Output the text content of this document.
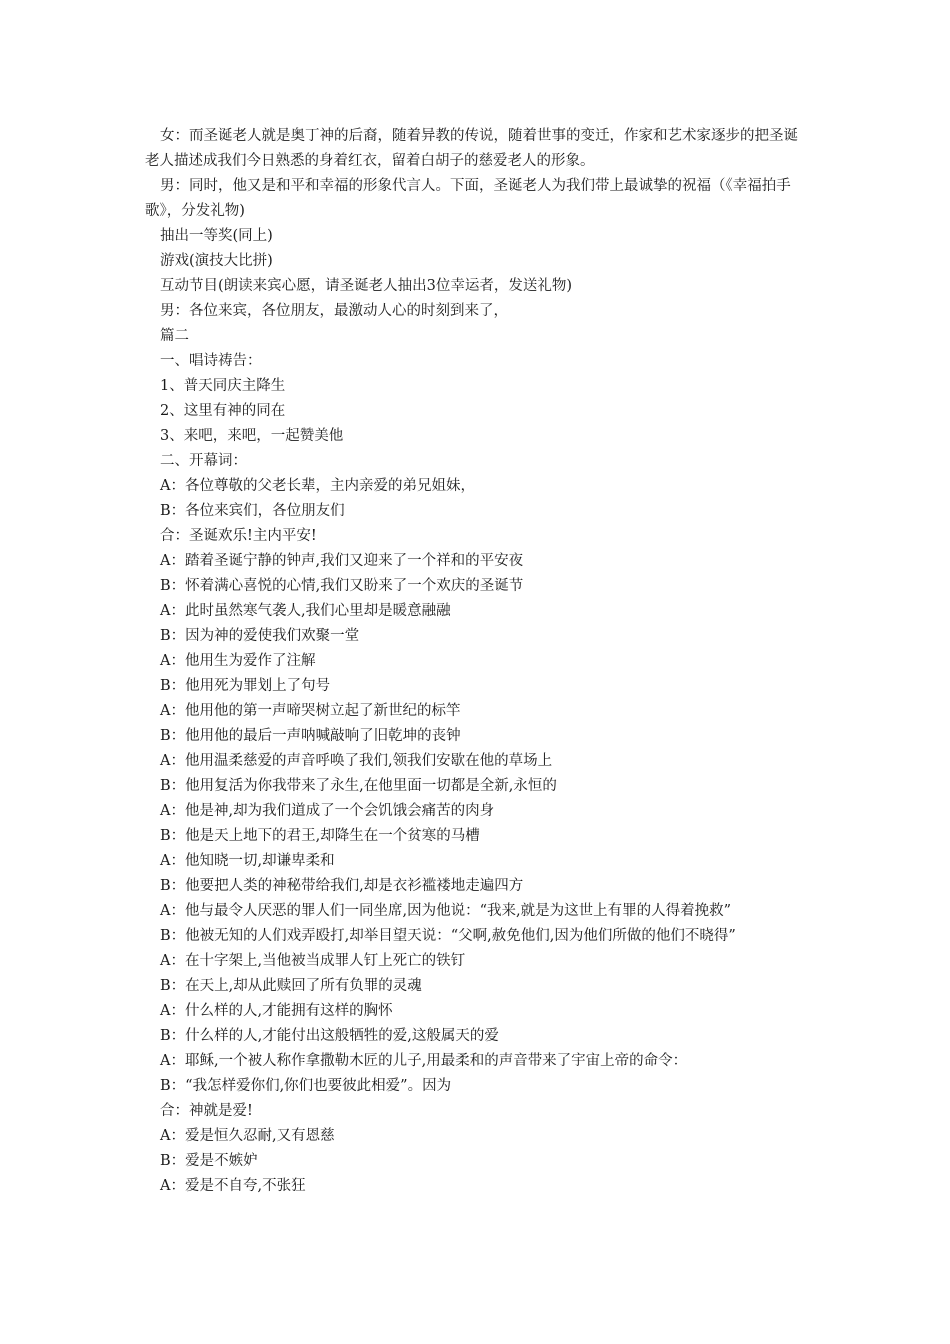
女：而圣诞老人就是奥丁神的后裔，随着异教的传说，随着世事的变迁，作家和艺术家逐步的把圣诞老人描述成我们今日熟悉的身着红衣，留着白胡子的慈爱老人的形象。

男：同时，他又是和平和幸福的形象代言人。下面，圣诞老人为我们带上最诚挚的祝福（《幸福拍手歌》，分发礼物)

抽出一等奖(同上)

游戏(演技大比拼)

互动节目(朗读来宾心愿，请圣诞老人抽出3位幸运者，发送礼物)

男：各位来宾，各位朋友，最激动人心的时刻到来了，

篇二

一、唱诗祷告：

1、普天同庆主降生

2、这里有神的同在

3、来吧，来吧，一起赞美他

二、开幕词：

A：各位尊敬的父老长辈，主内亲爱的弟兄姐妹，

B：各位来宾们，各位朋友们

合：圣诞欢乐!主内平安!

A：踏着圣诞宁静的钟声,我们又迎来了一个祥和的平安夜

B：怀着满心喜悦的心情,我们又盼来了一个欢庆的圣诞节

A：此时虽然寒气袭人,我们心里却是暖意融融

B：因为神的爱使我们欢聚一堂

A：他用生为爱作了注解

B：他用死为罪划上了句号

A：他用他的第一声啼哭树立起了新世纪的标竿

B：他用他的最后一声呐喊敲响了旧乾坤的丧钟

A：他用温柔慈爱的声音呼唤了我们,领我们安歇在他的草场上

B：他用复活为你我带来了永生,在他里面一切都是全新,永恒的

A：他是神,却为我们道成了一个会饥饿会痛苦的肉身

B：他是天上地下的君王,却降生在一个贫寒的马槽

A：他知晓一切,却谦卑柔和

B：他要把人类的神秘带给我们,却是衣衫褴褛地走遍四方

A：他与最令人厌恶的罪人们一同坐席,因为他说：“我来,就是为这世上有罪的人得着挽救”

B：他被无知的人们戏弄殴打,却举目望天说：“父啊,赦免他们,因为他们所做的他们不晓得”

A：在十字架上,当他被当成罪人钉上死亡的铁钉

B：在天上,却从此赎回了所有负罪的灵魂

A：什么样的人,才能拥有这样的胸怀

B：什么样的人,才能付出这般牺牲的爱,这般属天的爱

A：耶稣,一个被人称作拿撒勒木匠的儿子,用最柔和的声音带来了宇宙上帝的命令：

B：“我怎样爱你们,你们也要彼此相爱”。因为

合：神就是爱!

A：爱是恒久忍耐,又有恩慈

B：爱是不嫉妒

A：爱是不自夸,不张狂
